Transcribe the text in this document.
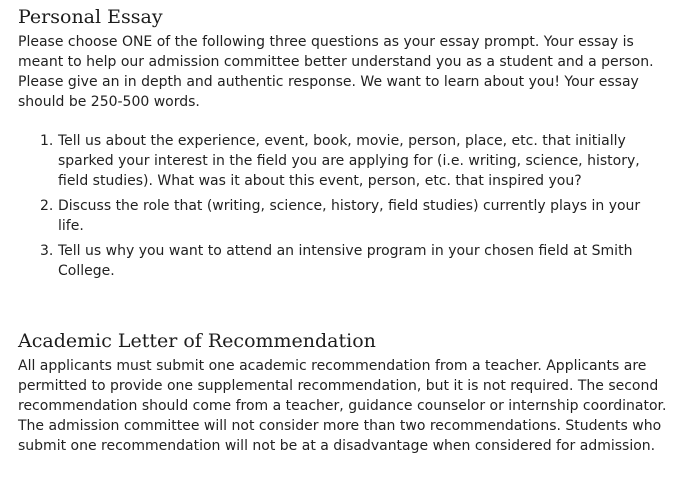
Personal Essay

Please choose ONE of the following three questions as your essay prompt. Your essay is meant to help our admission committee better understand you as a student and a person. Please give an in depth and authentic response. We want to learn about you! Your essay should be 250-500 words.

1. Tell us about the experience, event, book, movie, person, place, etc. that initially sparked your interest in the field you are applying for (i.e. writing, science, history, field studies). What was it about this event, person, etc. that inspired you?
2. Discuss the role that (writing, science, history, field studies) currently plays in your life.
3. Tell us why you want to attend an intensive program in your chosen field at Smith College.
Academic Letter of Recommendation

All applicants must submit one academic recommendation from a teacher. Applicants are permitted to provide one supplemental recommendation, but it is not required. The second recommendation should come from a teacher, guidance counselor or internship coordinator. The admission committee will not consider more than two recommendations. Students who submit one recommendation will not be at a disadvantage when considered for admission.
